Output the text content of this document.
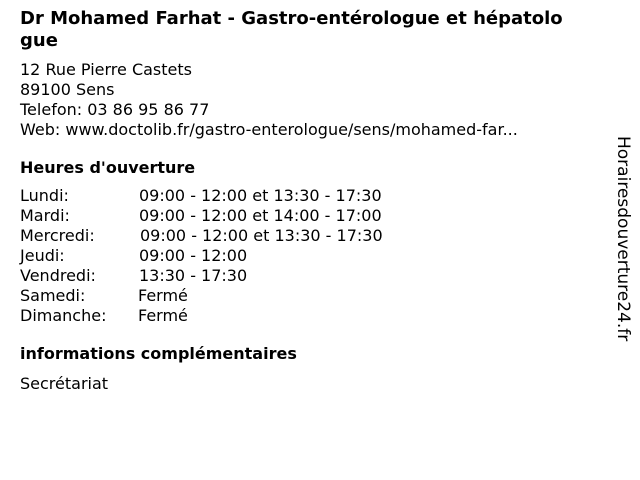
Dr Mohamed Farhat - Gastro-entérologue et hépatolo
gue
12 Rue Pierre Castets
89100 Sens
Telefon: 03 86 95 86 77
Web: www.doctolib.fr/gastro-enterologue/sens/mohamed-far...
Heures d'ouverture
Lundi:	09:00 - 12:00 et 13:30 - 17:30
Mardi:	09:00 - 12:00 et 14:00 - 17:00
Mercredi:	09:00 - 12:00 et 13:30 - 17:30
Jeudi:	09:00 - 12:00
Vendredi:	13:30 - 17:30
Samedi:	Fermé
Dimanche:	Fermé
informations complémentaires
Secrétariat
Horairesdouverture24.fr
